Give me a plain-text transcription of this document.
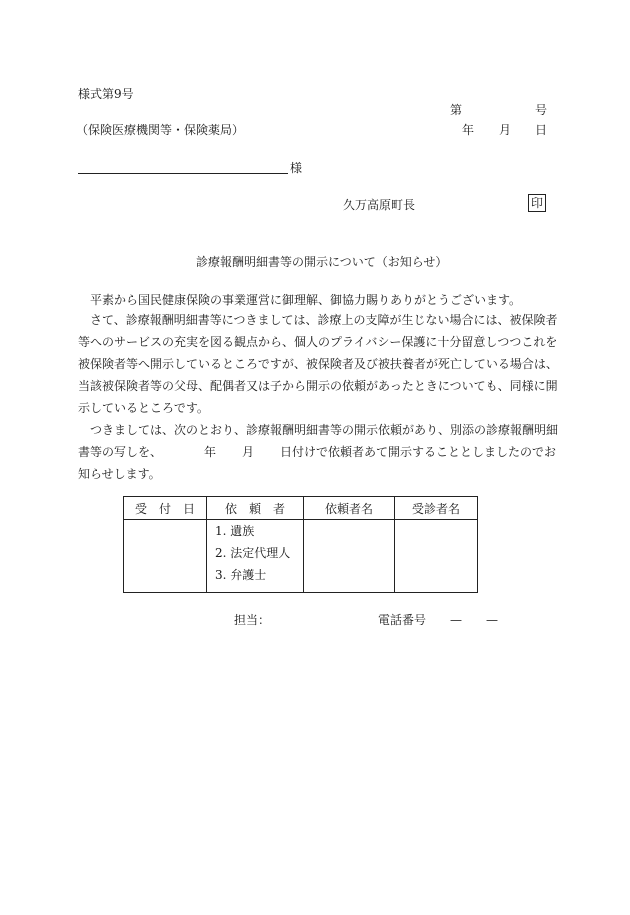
様式第9号
第	号
（保険医療機関等・保険薬局）	年 月 日
様
久万高原町長	印
診療報酬明細書等の開示について（お知らせ）
平素から国民健康保険の事業運営に御理解、御協力賜りありがとうございます。
さて、診療報酬明細書等につきましては、診療上の支障が生じない場合には、被保険者
等へのサービスの充実を図る観点から、個人のプライバシー保護に十分留意しつつこれを
被保険者等へ開示しているところですが、被保険者及び被扶養者が死亡している場合は、
当該被保険者等の父母、配偶者又は子から開示の依頼があったときについても、同様に開
示しているところです。
つきましては、次のとおり、診療報酬明細書等の開示依頼があり、別添の診療報酬明細
書等の写しを、	年 月 日付けで依頼者あて開示することとしましたのでお
知らせします。
受　付　日	依　頼　者	依頼者名	受診者名

	1. 遺族
2. 法定代理人
3. 弁護士		

担当：	電話番号 —　　—
